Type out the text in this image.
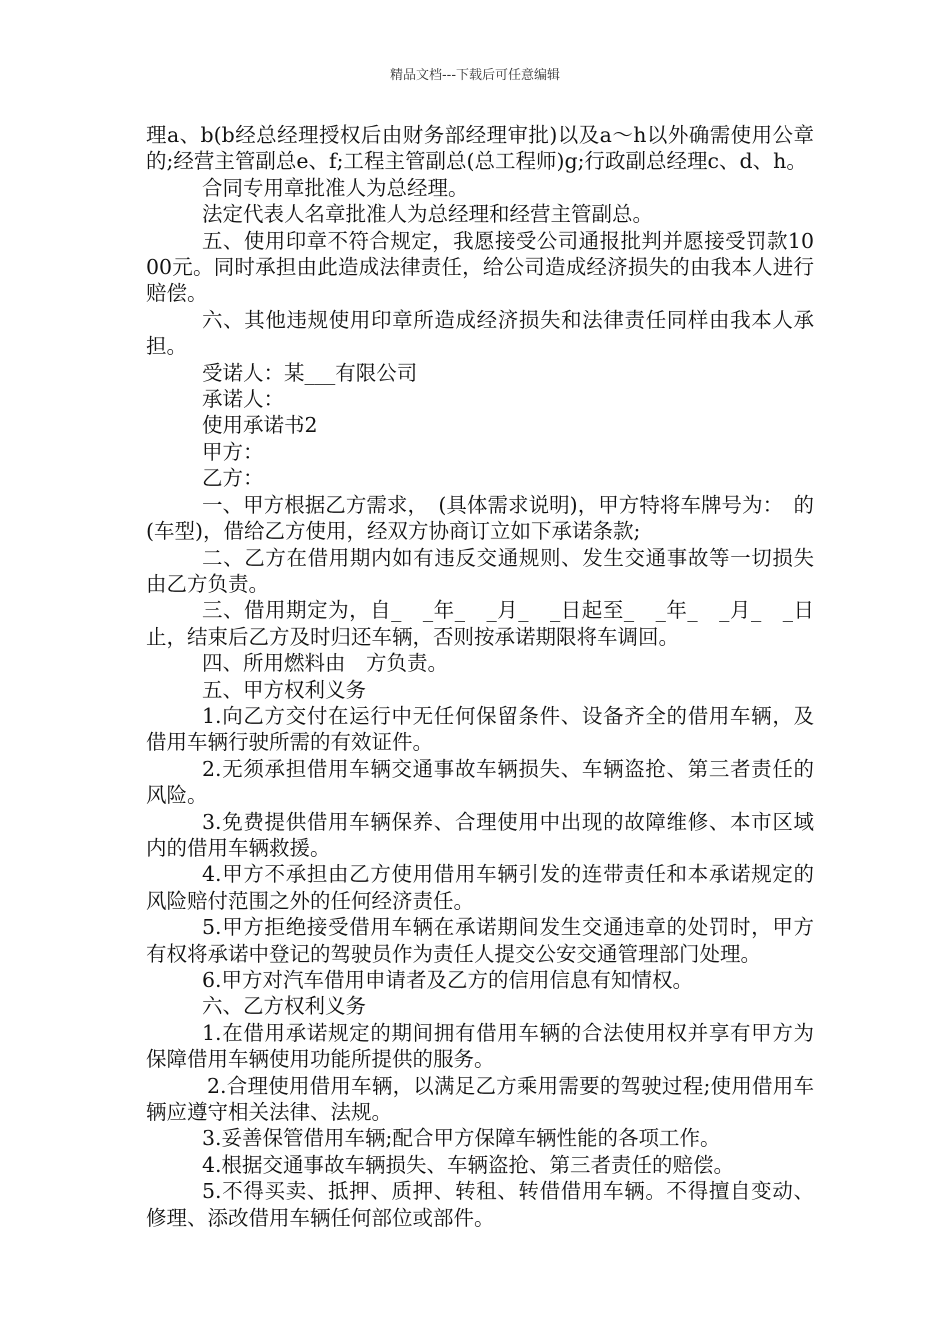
精品文档---下载后可任意编辑

理a、b(b经总经理授权后由财务部经理审批)以及a～h以外确需使用公章的;经营主管副总e、f;工程主管副总(总工程师)g;行政副总经理c、d、h。

合同专用章批准人为总经理。

法定代表人名章批准人为总经理和经营主管副总。

五、使用印章不符合规定，我愿接受公司通报批判并愿接受罚款1000元。同时承担由此造成法律责任，给公司造成经济损失的由我本人进行赔偿。

六、其他违规使用印章所造成经济损失和法律责任同样由我本人承担。

受诺人：某___有限公司

承诺人：

使用承诺书2

甲方：

乙方：

一、甲方根据乙方需求，　(具体需求说明)，甲方特将车牌号为：　的　(车型)，借给乙方使用，经双方协商订立如下承诺条款;

二、乙方在借用期内如有违反交通规则、发生交通事故等一切损失由乙方负责。

三、借用期定为，自_　_年_　_月_　_日起至_　_年_　_月_　_日止，结束后乙方及时归还车辆，否则按承诺期限将车调回。

四、所用燃料由　方负责。

五、甲方权利义务

1.向乙方交付在运行中无任何保留条件、设备齐全的借用车辆，及借用车辆行驶所需的有效证件。

2.无须承担借用车辆交通事故车辆损失、车辆盗抢、第三者责任的风险。

3.免费提供借用车辆保养、合理使用中出现的故障维修、本市区域内的借用车辆救援。

4.甲方不承担由乙方使用借用车辆引发的连带责任和本承诺规定的风险赔付范围之外的任何经济责任。

5.甲方拒绝接受借用车辆在承诺期间发生交通违章的处罚时，甲方有权将承诺中登记的驾驶员作为责任人提交公安交通管理部门处理。

6.甲方对汽车借用申请者及乙方的信用信息有知情权。

六、乙方权利义务

1.在借用承诺规定的期间拥有借用车辆的合法使用权并享有甲方为保障借用车辆使用功能所提供的服务。

2.合理使用借用车辆，以满足乙方乘用需要的驾驶过程;使用借用车辆应遵守相关法律、法规。

3.妥善保管借用车辆;配合甲方保障车辆性能的各项工作。

4.根据交通事故车辆损失、车辆盗抢、第三者责任的赔偿。

5.不得买卖、抵押、质押、转租、转借借用车辆。不得擅自变动、修理、添改借用车辆任何部位或部件。
